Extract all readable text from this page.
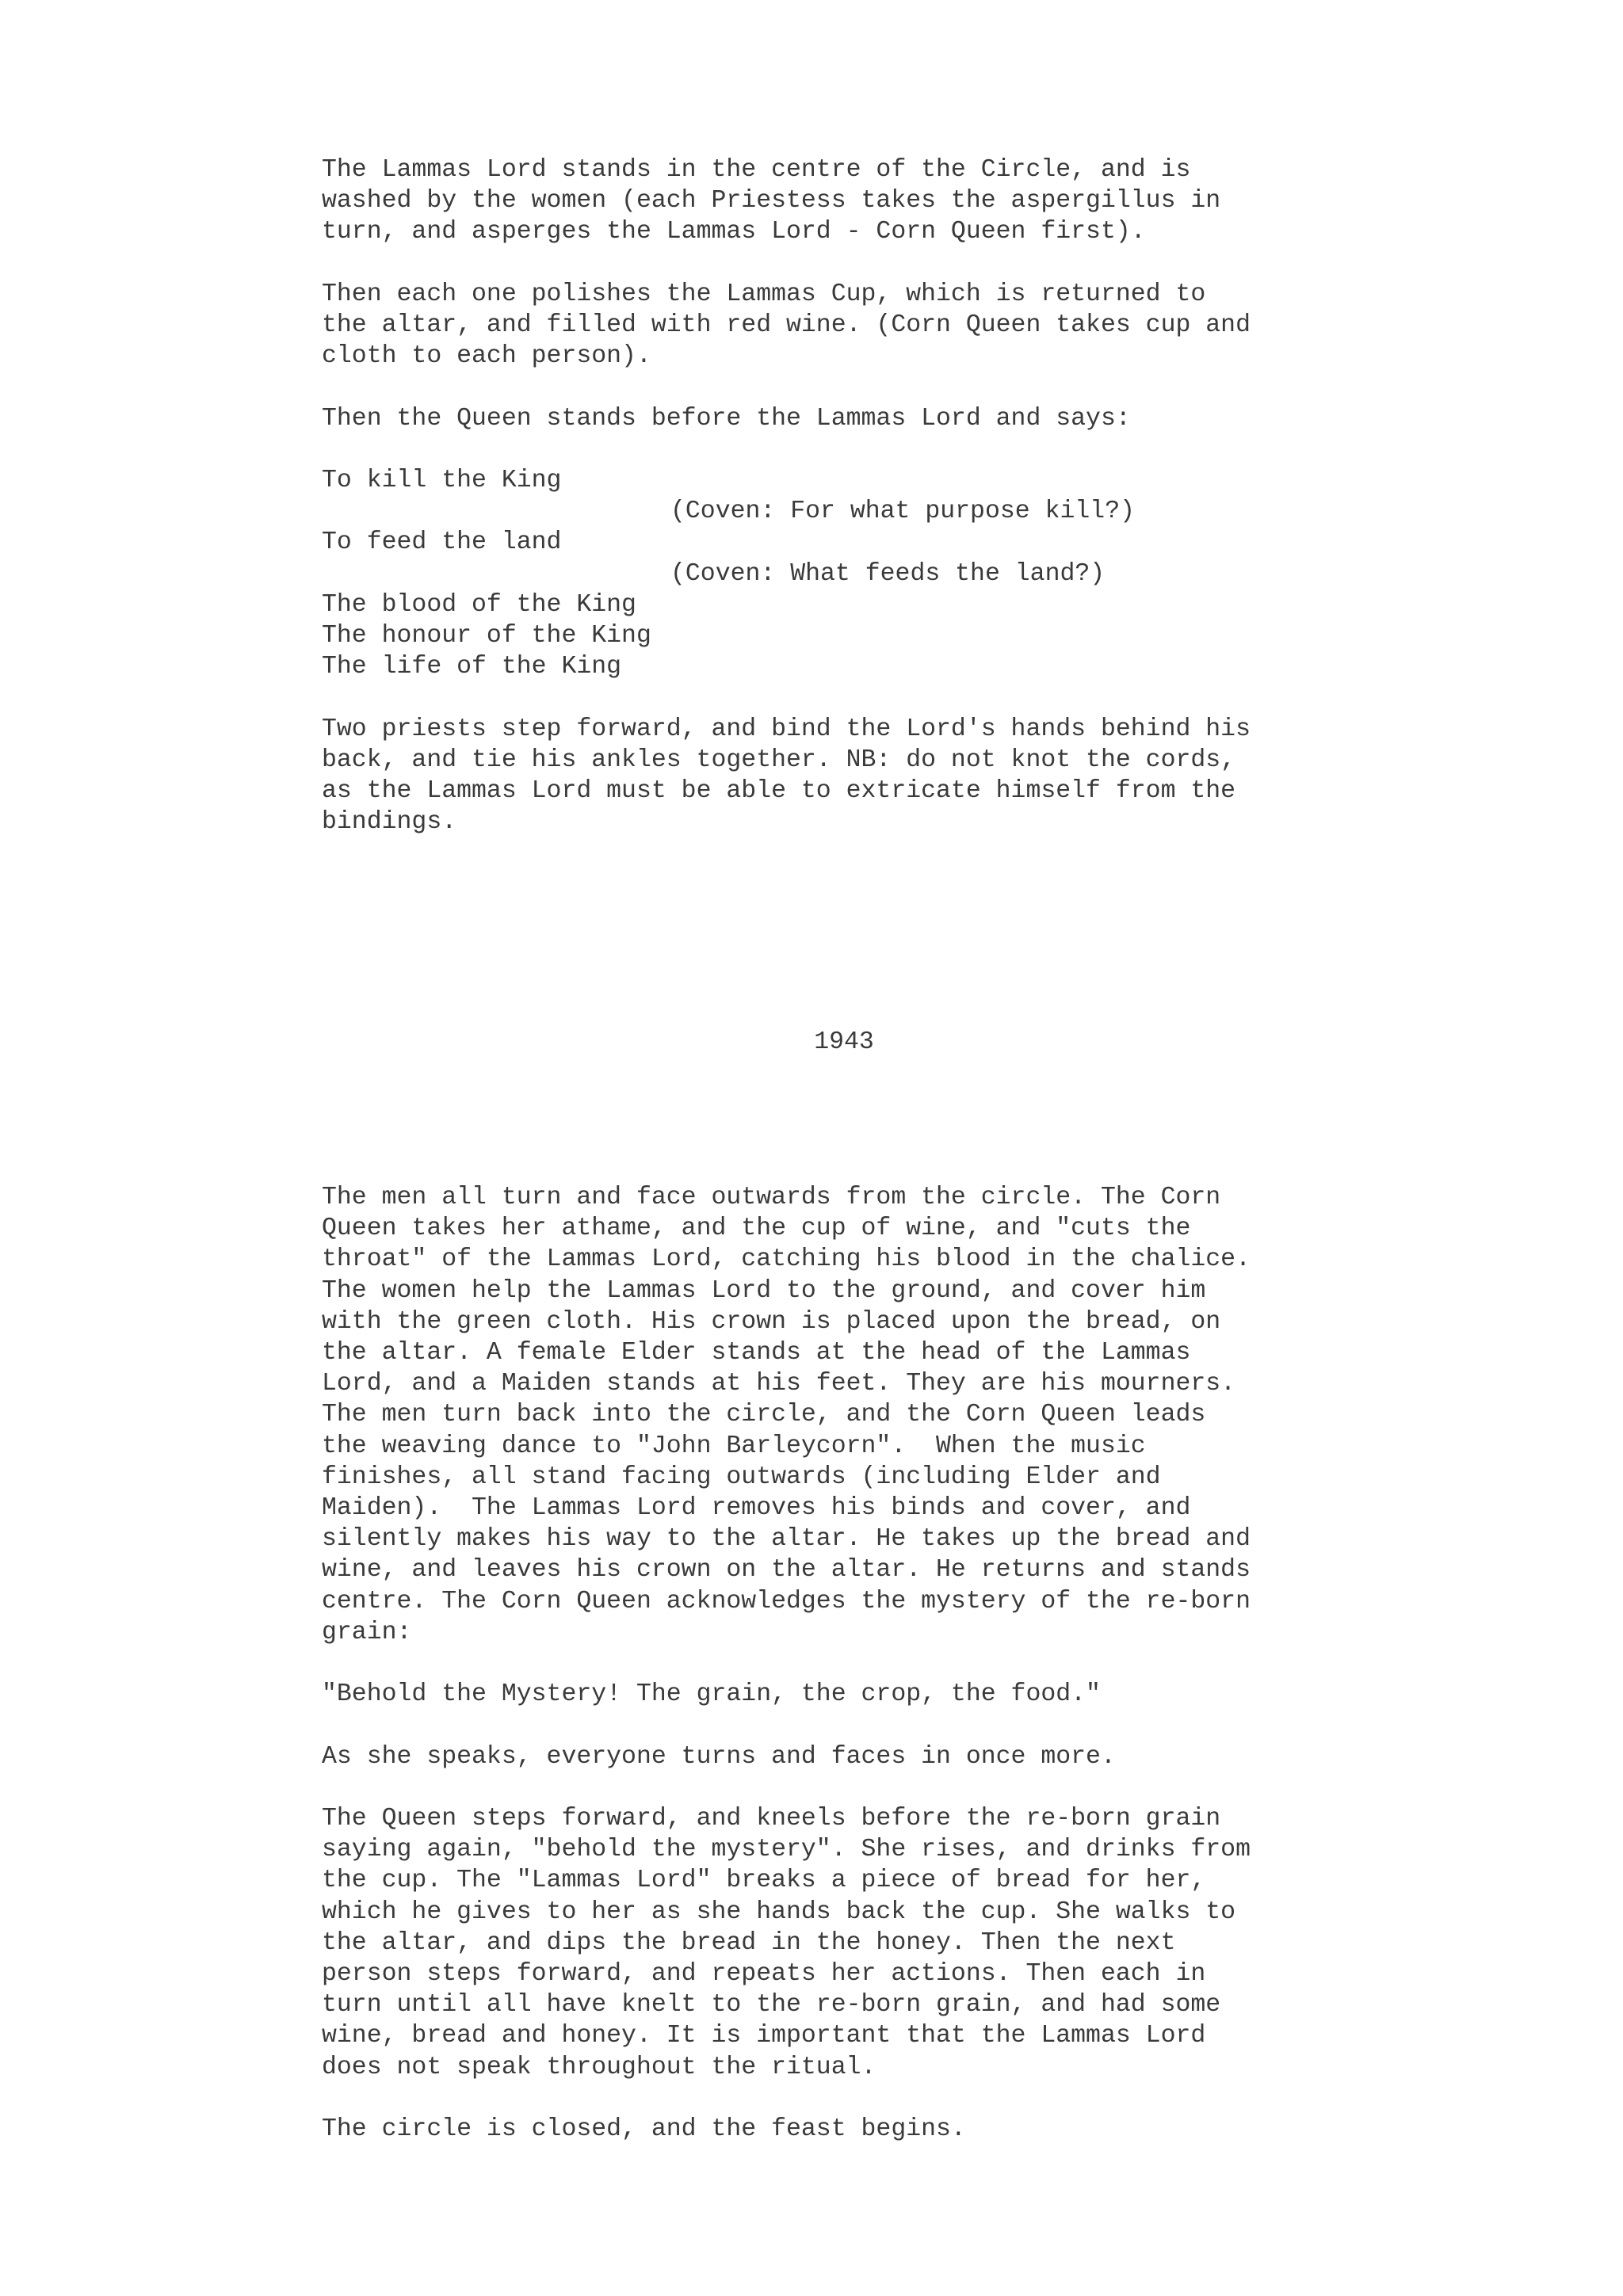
The Lammas Lord stands in the centre of the Circle, and is
washed by the women (each Priestess takes the aspergillus in
turn, and asperges the Lammas Lord - Corn Queen first).

Then each one polishes the Lammas Cup, which is returned to
the altar, and filled with red wine. (Corn Queen takes cup and
cloth to each person).

Then the Queen stands before the Lammas Lord and says:

To kill the King
(Coven: For what purpose kill?)
To feed the land
(Coven: What feeds the land?)
The blood of the King
The honour of the King
The life of the King

Two priests step forward, and bind the Lord's hands behind his
back, and tie his ankles together. NB: do not knot the cords,
as the Lammas Lord must be able to extricate himself from the
bindings.

1943

The men all turn and face outwards from the circle. The Corn
Queen takes her athame, and the cup of wine, and "cuts the
throat" of the Lammas Lord, catching his blood in the chalice.
The women help the Lammas Lord to the ground, and cover him
with the green cloth. His crown is placed upon the bread, on
the altar. A female Elder stands at the head of the Lammas
Lord, and a Maiden stands at his feet. They are his mourners.
The men turn back into the circle, and the Corn Queen leads
the weaving dance to "John Barleycorn".  When the music
finishes, all stand facing outwards (including Elder and
Maiden).  The Lammas Lord removes his binds and cover, and
silently makes his way to the altar. He takes up the bread and
wine, and leaves his crown on the altar. He returns and stands
centre. The Corn Queen acknowledges the mystery of the re-born
grain:

"Behold the Mystery! The grain, the crop, the food."

As she speaks, everyone turns and faces in once more.

The Queen steps forward, and kneels before the re-born grain
saying again, "behold the mystery". She rises, and drinks from
the cup. The "Lammas Lord" breaks a piece of bread for her,
which he gives to her as she hands back the cup. She walks to
the altar, and dips the bread in the honey. Then the next
person steps forward, and repeats her actions. Then each in
turn until all have knelt to the re-born grain, and had some
wine, bread and honey. It is important that the Lammas Lord
does not speak throughout the ritual.

The circle is closed, and the feast begins.
